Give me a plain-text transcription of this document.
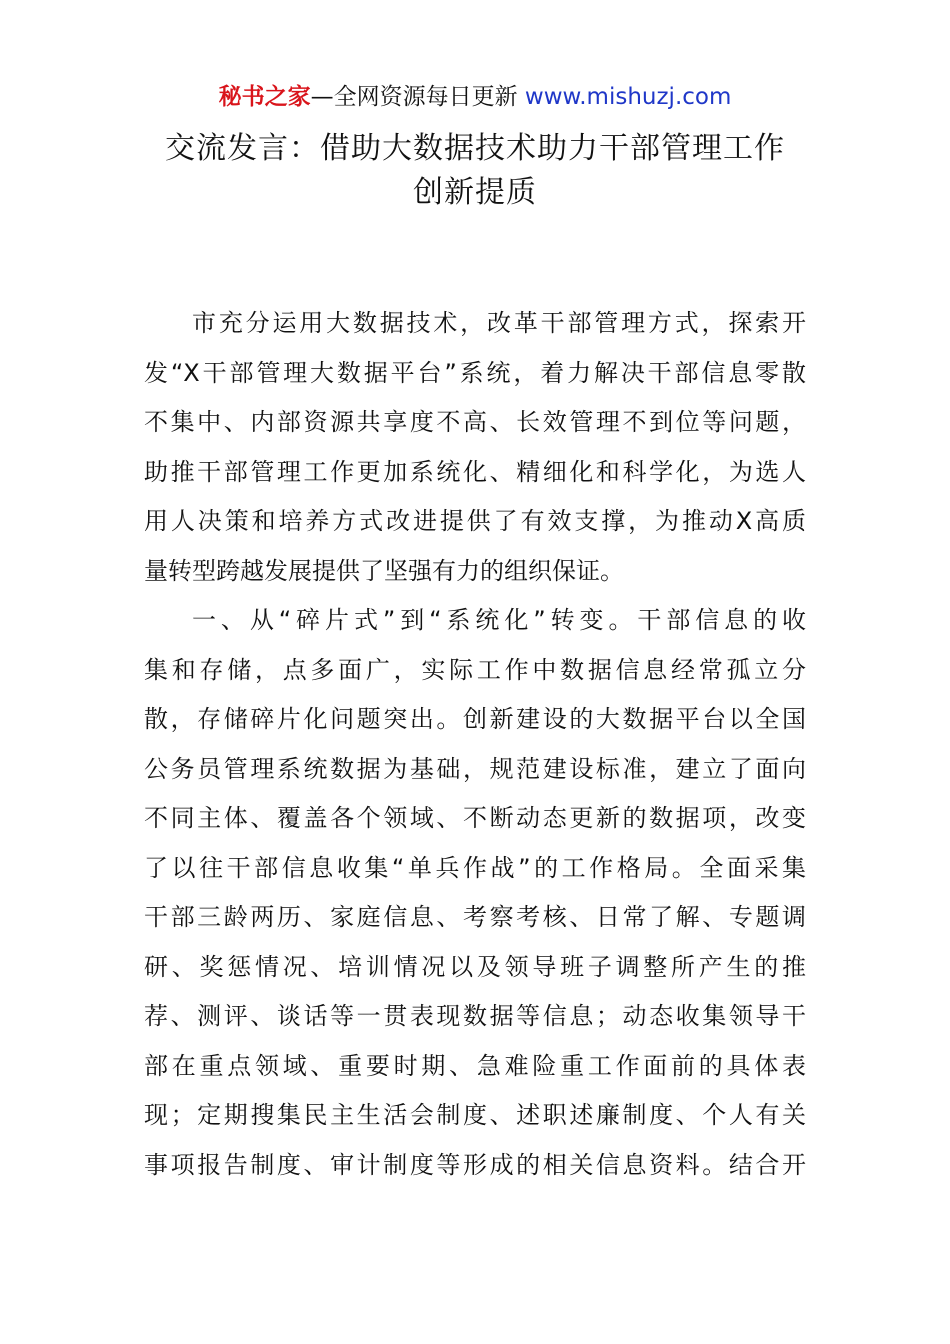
秘书之家—全网资源每日更新 www.mishuzj.com
交流发言：借助大数据技术助力干部管理工作
创新提质
市充分运用大数据技术，改革干部管理方式，探索开
发“X干部管理大数据平台”系统，着力解决干部信息零散
不集中、内部资源共享度不高、长效管理不到位等问题，
助推干部管理工作更加系统化、精细化和科学化，为选人
用人决策和培养方式改进提供了有效支撑，为推动X高质
量转型跨越发展提供了坚强有力的组织保证。
一、从“碎片式”到“系统化”转变。干部信息的收
集和存储，点多面广，实际工作中数据信息经常孤立分
散，存储碎片化问题突出。创新建设的大数据平台以全国
公务员管理系统数据为基础，规范建设标准，建立了面向
不同主体、覆盖各个领域、不断动态更新的数据项，改变
了以往干部信息收集“单兵作战”的工作格局。全面采集
干部三龄两历、家庭信息、考察考核、日常了解、专题调
研、奖惩情况、培训情况以及领导班子调整所产生的推
荐、测评、谈话等一贯表现数据等信息；动态收集领导干
部在重点领域、重要时期、急难险重工作面前的具体表
现；定期搜集民主生活会制度、述职述廉制度、个人有关
事项报告制度、审计制度等形成的相关信息资料。结合开
